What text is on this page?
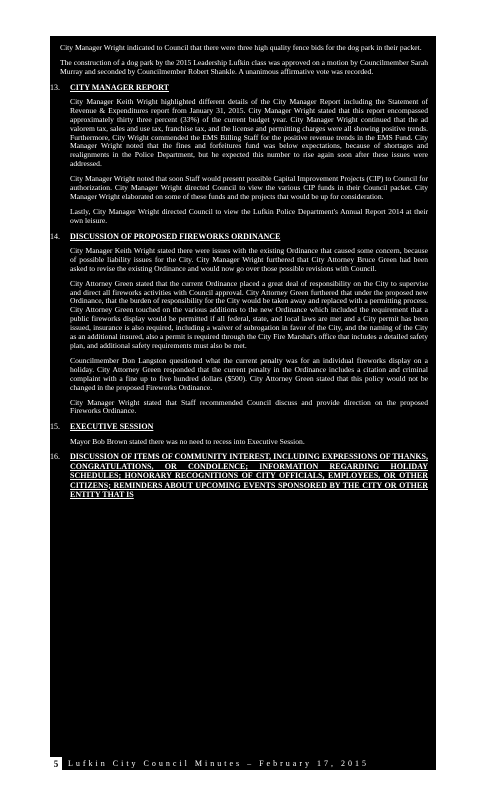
City Manager Wright indicated to Council that there were three high quality fence bids for the dog park in their packet.

The construction of a dog park by the 2015 Leadership Lufkin class was approved on a motion by Councilmember Sarah Murray and seconded by Councilmember Robert Shankle. A unanimous affirmative vote was recorded.

13. CITY MANAGER REPORT

City Manager Keith Wright highlighted different details of the City Manager Report including the Statement of Revenue & Expenditures report from January 31, 2015. City Manager Wright stated that this report encompassed approximately thirty three percent (33%) of the current budget year. City Manager Wright continued that the ad valorem tax, sales and use tax, franchise tax, and the license and permitting charges were all showing positive trends. Furthermore, City Wright commended the EMS Billing Staff for the positive revenue trends in the EMS Fund. City Manager Wright noted that the fines and forfeitures fund was below expectations, because of shortages and realignments in the Police Department, but he expected this number to rise again soon after these issues were addressed.

City Manager Wright noted that soon Staff would present possible Capital Improvement Projects (CIP) to Council for authorization. City Manager Wright directed Council to view the various CIP funds in their Council packet. City Manager Wright elaborated on some of these funds and the projects that would be up for consideration.

Lastly, City Manager Wright directed Council to view the Lufkin Police Department's Annual Report 2014 at their own leisure.

14. DISCUSSION OF PROPOSED FIREWORKS ORDINANCE

City Manager Keith Wright stated there were issues with the existing Ordinance that caused some concern, because of possible liability issues for the City. City Manager Wright furthered that City Attorney Bruce Green had been asked to revise the existing Ordinance and would now go over those possible revisions with Council.

City Attorney Green stated that the current Ordinance placed a great deal of responsibility on the City to supervise and direct all fireworks activities with Council approval. City Attorney Green furthered that under the proposed new Ordinance, that the burden of responsibility for the City would be taken away and replaced with a permitting process. City Attorney Green touched on the various additions to the new Ordinance which included the requirement that a public fireworks display would be permitted if all federal, state, and local laws are met and a City permit has been issued, insurance is also required, including a waiver of subrogation in favor of the City, and the naming of the City as an additional insured, also a permit is required through the City Fire Marshal's office that includes a detailed safety plan, and additional safety requirements must also be met.

Councilmember Don Langston questioned what the current penalty was for an individual fireworks display on a holiday. City Attorney Green responded that the current penalty in the Ordinance includes a citation and criminal complaint with a fine up to five hundred dollars ($500). City Attorney Green stated that this policy would not be changed in the proposed Fireworks Ordinance.

City Manager Wright stated that Staff recommended Council discuss and provide direction on the proposed Fireworks Ordinance.

15. EXECUTIVE SESSION

Mayor Bob Brown stated there was no need to recess into Executive Session.

16. DISCUSSION OF ITEMS OF COMMUNITY INTEREST, INCLUDING EXPRESSIONS OF THANKS, CONGRATULATIONS, OR CONDOLENCE; INFORMATION REGARDING HOLIDAY SCHEDULES; HONORARY RECOGNITIONS OF CITY OFFICIALS, EMPLOYEES, OR OTHER CITIZENS; REMINDERS ABOUT UPCOMING EVENTS SPONSORED BY THE CITY OR OTHER ENTITY THAT IS

5	Lufkin City Council Minutes – February 17, 2015
